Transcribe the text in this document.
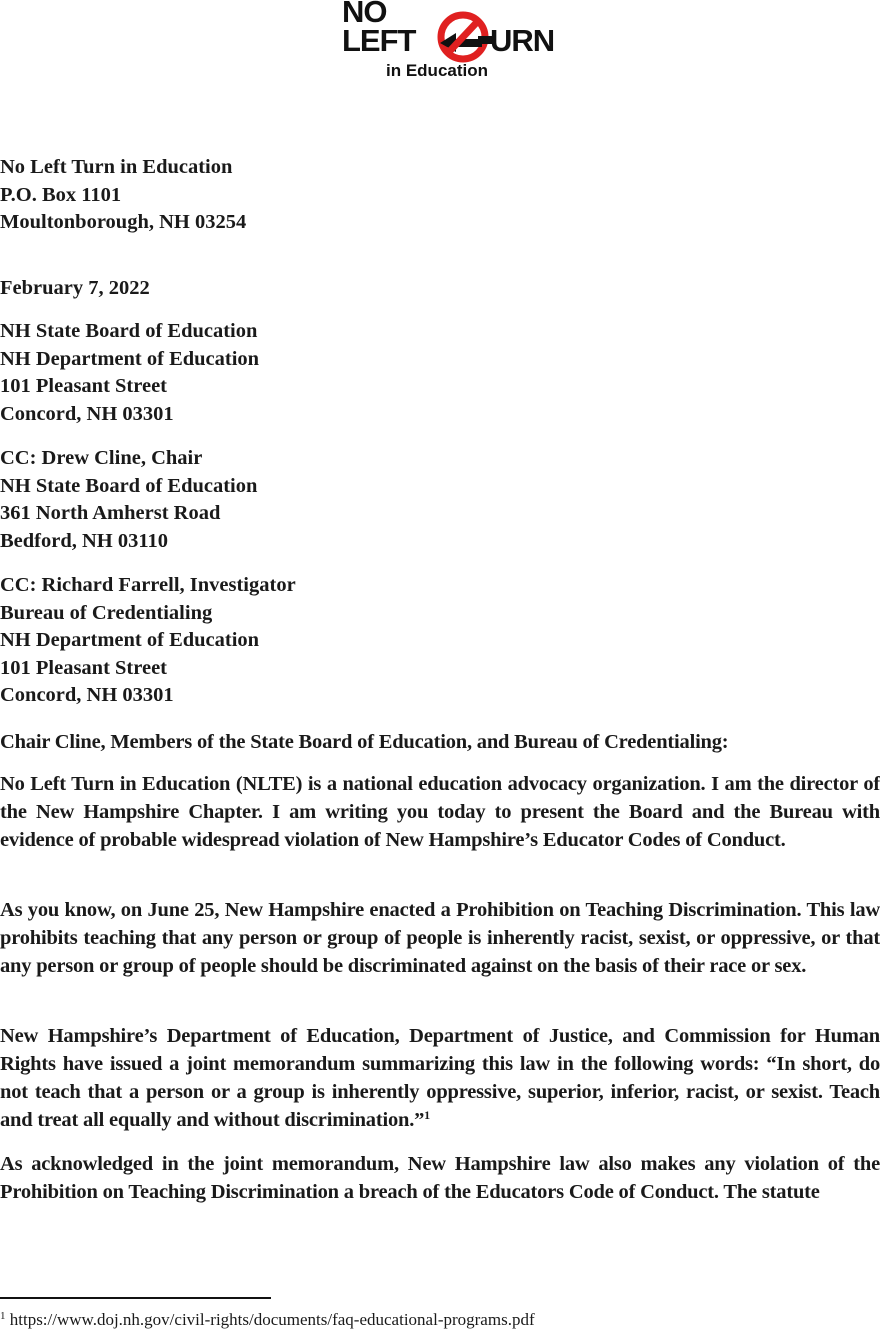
NO
LEFT URN
in Education
No Left Turn in Education
P.O. Box 1101
Moultonborough, NH 03254
February 7, 2022
NH State Board of Education
NH Department of Education
101 Pleasant Street
Concord, NH 03301
CC: Drew Cline, Chair
NH State Board of Education
361 North Amherst Road
Bedford, NH 03110
CC: Richard Farrell, Investigator
Bureau of Credentialing
NH Department of Education
101 Pleasant Street
Concord, NH 03301
Chair Cline, Members of the State Board of Education, and Bureau of Credentialing:
No Left Turn in Education (NLTE) is a national education advocacy organization. I am the director of the New Hampshire Chapter. I am writing you today to present the Board and the Bureau with evidence of probable widespread violation of New Hampshire’s Educator Codes of Conduct.
As you know, on June 25, New Hampshire enacted a Prohibition on Teaching Discrimination. This law prohibits teaching that any person or group of people is inherently racist, sexist, or oppressive, or that any person or group of people should be discriminated against on the basis of their race or sex.
New Hampshire’s Department of Education, Department of Justice, and Commission for Human Rights have issued a joint memorandum summarizing this law in the following words: “In short, do not teach that a person or a group is inherently oppressive, superior, inferior, racist, or sexist. Teach and treat all equally and without discrimination.”$^1$
As acknowledged in the joint memorandum, New Hampshire law also makes any violation of the Prohibition on Teaching Discrimination a breach of the Educators Code of Conduct. The statute
$^1$ https://www.doj.nh.gov/civil-rights/documents/faq-educational-programs.pdf
